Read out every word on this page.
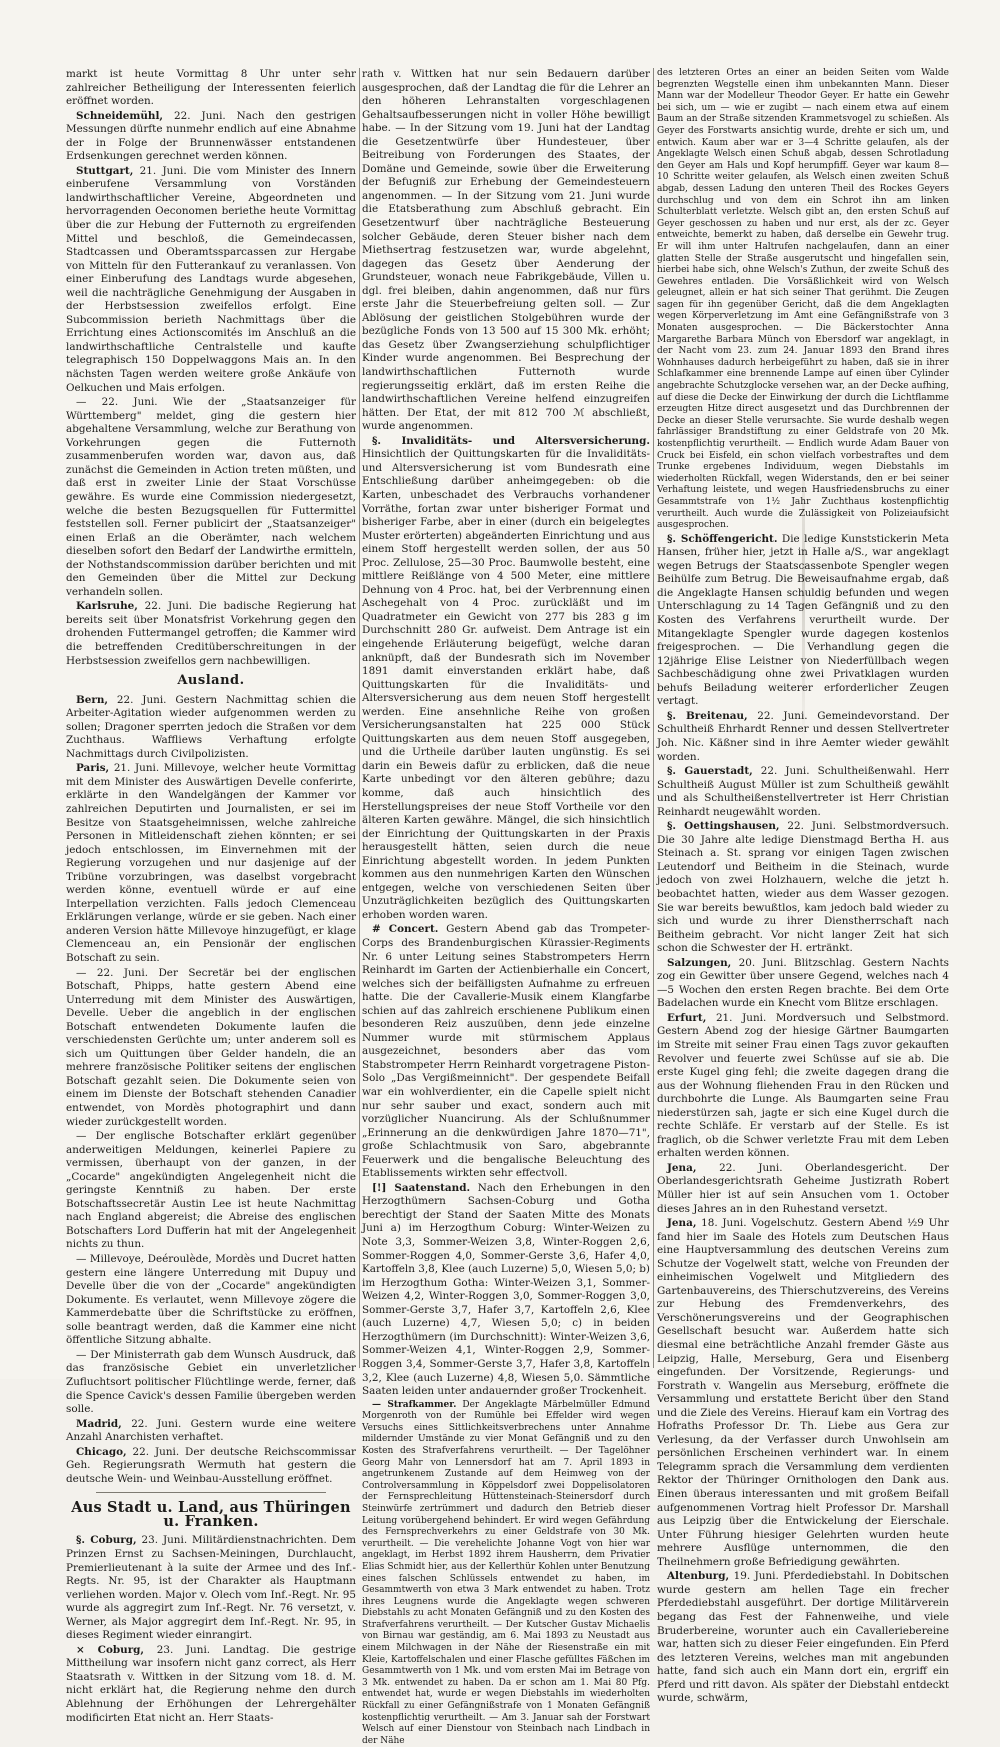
markt ist heute Vormittag 8 Uhr unter sehr zahlreicher Betheiligung der Interessenten feierlich eröffnet worden.

Schneidemühl, 22. Juni. Nach den gestrigen Messungen dürfte nunmehr endlich auf eine Abnahme der in Folge der Brunnenwässer entstandenen Erdsenkungen gerechnet werden können.

Stuttgart, 21. Juni. Die vom Minister des Innern einberufene Versammlung von Vorständen landwirthschaftlicher Vereine, Abgeordneten und hervorragenden Oeconomen beriethe heute Vormittag über die zur Hebung der Futternoth zu ergreifenden Mittel und beschloß, die Gemeindecassen, Stadtcassen und Oberamtssparcassen zur Hergabe von Mitteln für den Futterankauf zu veranlassen. Von einer Einberufung des Landtags wurde abgesehen, weil die nachträgliche Genehmigung der Ausgaben in der Herbstsession zweifellos erfolgt. Eine Subcommission berieth Nachmittags über die Errichtung eines Actionscomités im Anschluß an die landwirthschaftliche Centralstelle und kaufte telegraphisch 150 Doppelwaggons Mais an. In den nächsten Tagen werden weitere große Ankäufe von Oelkuchen und Mais erfolgen.

— 22. Juni. Wie der „Staatsanzeiger für Württemberg" meldet, ging die gestern hier abgehaltene Versammlung, welche zur Berathung von Vorkehrungen gegen die Futternoth zusammenberufen worden war, davon aus, daß zunächst die Gemeinden in Action treten müßten, und daß erst in zweiter Linie der Staat Vorschüsse gewähre. Es wurde eine Commission niedergesetzt, welche die besten Bezugsquellen für Futtermittel feststellen soll. Ferner publicirt der „Staatsanzeiger" einen Erlaß an die Oberämter, nach welchem dieselben sofort den Bedarf der Landwirthe ermitteln, der Nothstandscommission darüber berichten und mit den Gemeinden über die Mittel zur Deckung verhandeln sollen.

Karlsruhe, 22. Juni. Die badische Regierung hat bereits seit über Monatsfrist Vorkehrung gegen den drohenden Futtermangel getroffen; die Kammer wird die betreffenden Creditüberschreitungen in der Herbstsession zweifellos gern nachbewilligen.

Ausland.

Bern, 22. Juni. Gestern Nachmittag schien die Arbeiter-Agitation wieder aufgenommen werden zu sollen; Dragoner sperrten jedoch die Straßen vor dem Zuchthaus. Waffliews Verhaftung erfolgte Nachmittags durch Civilpolizisten.

Paris, 21. Juni. Millevoye, welcher heute Vormittag mit dem Minister des Auswärtigen Develle conferirte, erklärte in den Wandelgängen der Kammer vor zahlreichen Deputirten und Journalisten, er sei im Besitze von Staatsgeheimnissen, welche zahlreiche Personen in Mitleidenschaft ziehen könnten; er sei jedoch entschlossen, im Einvernehmen mit der Regierung vorzugehen und nur dasjenige auf der Tribüne vorzubringen, was daselbst vorgebracht werden könne, eventuell würde er auf eine Interpellation verzichten. Falls jedoch Clemenceau Erklärungen verlange, würde er sie geben. Nach einer anderen Version hätte Millevoye hinzugefügt, er klage Clemenceau an, ein Pensionär der englischen Botschaft zu sein.

— 22. Juni. Der Secretär bei der englischen Botschaft, Phipps, hatte gestern Abend eine Unterredung mit dem Minister des Auswärtigen, Develle. Ueber die angeblich in der englischen Botschaft entwendeten Dokumente laufen die verschiedensten Gerüchte um; unter anderem soll es sich um Quittungen über Gelder handeln, die an mehrere französische Politiker seitens der englischen Botschaft gezahlt seien. Die Dokumente seien von einem im Dienste der Botschaft stehenden Canadier entwendet, von Mordès photographirt und dann wieder zurückgestellt worden.

— Der englische Botschafter erklärt gegenüber anderweitigen Meldungen, keinerlei Papiere zu vermissen, überhaupt von der ganzen, in der „Cocarde" angekündigten Angelegenheit nicht die geringste Kenntniß zu haben. Der erste Botschaftssecretär Austin Lee ist heute Nachmittag nach England abgereist; die Abreise des englischen Botschafters Lord Dufferin hat mit der Angelegenheit nichts zu thun.

— Millevoye, Deéroulède, Mordès und Ducret hatten gestern eine längere Unterredung mit Dupuy und Develle über die von der „Cocarde" angekündigten Dokumente. Es verlautet, wenn Millevoye zögere die Kammerdebatte über die Schriftstücke zu eröffnen, solle beantragt werden, daß die Kammer eine nicht öffentliche Sitzung abhalte.

— Der Ministerrath gab dem Wunsch Ausdruck, daß das französische Gebiet ein unverletzlicher Zufluchtsort politischer Flüchtlinge werde, ferner, daß die Spence Cavick's dessen Familie übergeben werden solle.

Madrid, 22. Juni. Gestern wurde eine weitere Anzahl Anarchisten verhaftet.

Chicago, 22. Juni. Der deutsche Reichscommissar Geh. Regierungsrath Wermuth hat gestern die deutsche Wein- und Weinbau-Ausstellung eröffnet.

Aus Stadt u. Land, aus Thüringen u. Franken.

§. Coburg, 23. Juni. Militärdienstnachrichten. Dem Prinzen Ernst zu Sachsen-Meiningen, Durchlaucht, Premierlieutenant à la suite der Armee und des Inf.-Regts. Nr. 95, ist der Charakter als Hauptmann verliehen worden. Major v. Olech vom Inf.-Regt. Nr. 95 wurde als aggregirt zum Inf.-Regt. Nr. 76 versetzt, v. Werner, als Major aggregirt dem Inf.-Regt. Nr. 95, in dieses Regiment wieder einrangirt.

× Coburg, 23. Juni. Landtag. Die gestrige Mittheilung war insofern nicht ganz correct, als Herr Staatsrath v. Wittken in der Sitzung vom 18. d. M. nicht erklärt hat, die Regierung nehme den durch Ablehnung der Erhöhungen der Lehrergehälter modificirten Etat nicht an. Herr Staats-

rath v. Wittken hat nur sein Bedauern darüber ausgesprochen, daß der Landtag die für die Lehrer an den höheren Lehranstalten vorgeschlagenen Gehaltsaufbesserungen nicht in voller Höhe bewilligt habe. — In der Sitzung vom 19. Juni hat der Landtag die Gesetzentwürfe über Hundesteuer, über Beitreibung von Forderungen des Staates, der Domäne und Gemeinde, sowie über die Erweiterung der Befugniß zur Erhebung der Gemeindesteuern angenommen. — In der Sitzung vom 21. Juni wurde die Etatsberathung zum Abschluß gebracht. Ein Gesetzentwurf über nachträgliche Besteuerung solcher Gebäude, deren Steuer bisher nach dem Miethsertrag festzusetzen war, wurde abgelehnt, dagegen das Gesetz über Aenderung der Grundsteuer, wonach neue Fabrikgebäude, Villen u. dgl. frei bleiben, dahin angenommen, daß nur fürs erste Jahr die Steuerbefreiung gelten soll. — Zur Ablösung der geistlichen Stolgebühren wurde der bezügliche Fonds von 13 500 auf 15 300 Mk. erhöht; das Gesetz über Zwangserziehung schulpflichtiger Kinder wurde angenommen. Bei Besprechung der landwirthschaftlichen Futternoth wurde regierungsseitig erklärt, daß im ersten Reihe die landwirthschaftlichen Vereine helfend einzugreifen hätten. Der Etat, der mit 812 700 ℳ abschließt, wurde angenommen.

§. Invaliditäts- und Altersversicherung. Hinsichtlich der Quittungskarten für die Invaliditäts- und Altersversicherung ist vom Bundesrath eine Entschließung darüber anheimgegeben: ob die Karten, unbeschadet des Verbrauchs vorhandener Vorräthe, fortan zwar unter bisheriger Format und bisheriger Farbe, aber in einer (durch ein beigelegtes Muster erörterten) abgeänderten Einrichtung und aus einem Stoff hergestellt werden sollen, der aus 50 Proc. Zellulose, 25—30 Proc. Baumwolle besteht, eine mittlere Reißlänge von 4 500 Meter, eine mittlere Dehnung von 4 Proc. hat, bei der Verbrennung einen Aschegehalt von 4 Proc. zurückläßt und im Quadratmeter ein Gewicht von 277 bis 283 g im Durchschnitt 280 Gr. aufweist. Dem Antrage ist ein eingehende Erläuterung beigefügt, welche daran anknüpft, daß der Bundesrath sich im November 1891 damit einverstanden erklärt habe, daß Quittungskarten für die Invaliditäts- und Altersversicherung aus dem neuen Stoff hergestellt werden. Eine ansehnliche Reihe von großen Versicherungsanstalten hat 225 000 Stück Quittungskarten aus dem neuen Stoff ausgegeben, und die Urtheile darüber lauten ungünstig. Es sei darin ein Beweis dafür zu erblicken, daß die neue Karte unbedingt vor den älteren gebühre; dazu komme, daß auch hinsichtlich des Herstellungspreises der neue Stoff Vortheile vor den älteren Karten gewähre. Mängel, die sich hinsichtlich der Einrichtung der Quittungskarten in der Praxis herausgestellt hätten, seien durch die neue Einrichtung abgestellt worden. In jedem Punkten kommen aus den nunmehrigen Karten den Wünschen entgegen, welche von verschiedenen Seiten über Unzuträglichkeiten bezüglich des Quittungskarten erhoben worden waren.

# Concert. Gestern Abend gab das Trompeter-Corps des Brandenburgischen Kürassier-Regiments Nr. 6 unter Leitung seines Stabstrompeters Herrn Reinhardt im Garten der Actienbierhalle ein Concert, welches sich der beifälligsten Aufnahme zu erfreuen hatte. Die der Cavallerie-Musik einem Klangfarbe schien auf das zahlreich erschienene Publikum einen besonderen Reiz auszuüben, denn jede einzelne Nummer wurde mit stürmischem Applaus ausgezeichnet, besonders aber das vom Stabstrompeter Herrn Reinhardt vorgetragene Piston-Solo „Das Vergißmeinnicht". Der gespendete Beifall war ein wohlverdienter, ein die Capelle spielt nicht nur sehr sauber und exact, sondern auch mit vorzüglicher Nuancirung. Als der Schlußnummer „Erinnerung an die denkwürdigen Jahre 1870—71", große Schlachtmusik von Saro, abgebrannte Feuerwerk und die bengalische Beleuchtung des Etablissements wirkten sehr effectvoll.

[!] Saatenstand. Nach den Erhebungen in den Herzogthümern Sachsen-Coburg und Gotha berechtigt der Stand der Saaten Mitte des Monats Juni a) im Herzogthum Coburg: Winter-Weizen zu Note 3,3, Sommer-Weizen 3,8, Winter-Roggen 2,6, Sommer-Roggen 4,0, Sommer-Gerste 3,6, Hafer 4,0, Kartoffeln 3,8, Klee (auch Luzerne) 5,0, Wiesen 5,0; b) im Herzogthum Gotha: Winter-Weizen 3,1, Sommer-Weizen 4,2, Winter-Roggen 3,0, Sommer-Roggen 3,0, Sommer-Gerste 3,7, Hafer 3,7, Kartoffeln 2,6, Klee (auch Luzerne) 4,7, Wiesen 5,0; c) in beiden Herzogthümern (im Durchschnitt): Winter-Weizen 3,6, Sommer-Weizen 4,1, Winter-Roggen 2,9, Sommer-Roggen 3,4, Sommer-Gerste 3,7, Hafer 3,8, Kartoffeln 3,2, Klee (auch Luzerne) 4,8, Wiesen 5,0. Sämmtliche Saaten leiden unter andauernder großer Trockenheit.

— Strafkammer. Der Angeklagte Märbelmüller Edmund Morgenroth von der Rumühle bei Effelder wird wegen Versuchs eines Sittlichkeitsverbrechens unter Annahme mildernder Umstände zu vier Monat Gefängniß und zu den Kosten des Strafverfahrens verurtheilt. — Der Tagelöhner Georg Mahr von Lennersdorf hat am 7. April 1893 in angetrunkenem Zustande auf dem Heimweg von der Controlversammlung in Köppelsdorf zwei Doppelisolatoren der Fernsprechleitung Hüttensteinach-Steinersdorf durch Steinwürfe zertrümmert und dadurch den Betrieb dieser Leitung vorübergehend behindert. Er wird wegen Gefährdung des Fernsprechverkehrs zu einer Geldstrafe von 30 Mk. verurtheilt. — Die verehelichte Johanne Vogt von hier war angeklagt, im Herbst 1892 ihrem Hausherrn, dem Privatier Elias Schmidt hier, aus der Kellerthür Kohlen unter Benutzung eines falschen Schlüssels entwendet zu haben, im Gesammtwerth von etwa 3 Mark entwendet zu haben. Trotz ihres Leugnens wurde die Angeklagte wegen schweren Diebstahls zu acht Monaten Gefängniß und zu den Kosten des Strafverfahrens verurtheilt. — Der Kutscher Gustav Michaelis von Birnau war geständig, am 6. Mai 1893 zu Neustadt aus einem Milchwagen in der Nähe der Riesenstraße ein mit Kleie, Kartoffelschalen und einer Flasche gefülltes Fäßchen im Gesammtwerth von 1 Mk. und vom ersten Mai im Betrage von 3 Mk. entwendet zu haben. Da er schon am 1. Mai 80 Pfg. entwendet hat, wurde er wegen Diebstahls im wiederholten Rückfall zu einer Gefängnißstrafe von 1 Monaten Gefängniß kostenpflichtig verurtheilt. — Am 3. Januar sah der Forstwart Welsch auf einer Dienstour von Steinbach nach Lindbach in der Nähe

des letzteren Ortes an einer an beiden Seiten vom Walde begrenzten Wegstelle einen ihm unbekannten Mann. Dieser Mann war der Modelleur Theodor Geyer. Er hatte ein Gewehr bei sich, um — wie er zugibt — nach einem etwa auf einem Baum an der Straße sitzenden Krammetsvogel zu schießen. Als Geyer des Forstwarts ansichtig wurde, drehte er sich um, und entwich. Kaum aber war er 3—4 Schritte gelaufen, als der Angeklagte Welsch einen Schuß abgab, dessen Schrotladung den Geyer am Hals und Kopf herumpfiff. Geyer war kaum 8—10 Schritte weiter gelaufen, als Welsch einen zweiten Schuß abgab, dessen Ladung den unteren Theil des Rockes Geyers durchschlug und von dem ein Schrot ihn am linken Schulterblatt verletzte. Welsch gibt an, den ersten Schuß auf Geyer geschossen zu haben und nur erst, als der zc. Geyer entweichte, bemerkt zu haben, daß derselbe ein Gewehr trug. Er will ihm unter Haltrufen nachgelaufen, dann an einer glatten Stelle der Straße ausgerutscht und hingefallen sein, hierbei habe sich, ohne Welsch's Zuthun, der zweite Schuß des Gewehres entladen. Die Vorsäßlichkeit wird von Welsch geleugnet, allein er hat sich seiner That gerühmt. Die Zeugen sagen für ihn gegenüber Gericht, daß die dem Angeklagten wegen Körperverletzung im Amt eine Gefängnißstrafe von 3 Monaten ausgesprochen. — Die Bäckerstochter Anna Margarethe Barbara Münch von Ebersdorf war angeklagt, in der Nacht vom 23. zum 24. Januar 1893 den Brand ihres Wohnhauses dadurch herbeigeführt zu haben, daß sie in ihrer Schlafkammer eine brennende Lampe auf einen über Cylinder angebrachte Schutzglocke versehen war, an der Decke aufhing, auf diese die Decke der Einwirkung der durch die Lichtflamme erzeugten Hitze direct ausgesetzt und das Durchbrennen der Decke an dieser Stelle verursachte. Sie wurde deshalb wegen fahrlässiger Brandstiftung zu einer Geldstrafe von 20 Mk. kostenpflichtig verurtheilt. — Endlich wurde Adam Bauer von Cruck bei Eisfeld, ein schon vielfach vorbestraftes und dem Trunke ergebenes Individuum, wegen Diebstahls im wiederholten Rückfall, wegen Widerstands, den er bei seiner Verhaftung leistete, und wegen Hausfriedensbruchs zu einer Gesammtstrafe von 1½ Jahr Zuchthaus kostenpflichtig verurtheilt. Auch wurde die Zulässigkeit von Polizeiaufsicht ausgesprochen.

§. Schöffengericht. Die ledige Kunststickerin Meta Hansen, früher hier, jetzt in Halle a/S., war angeklagt wegen Betrugs der Staatscassenbote Spengler wegen Beihülfe zum Betrug. Die Beweisaufnahme ergab, daß die Angeklagte Hansen schuldig befunden und wegen Unterschlagung zu 14 Tagen Gefängniß und zu den Kosten des Verfahrens verurtheilt wurde. Der Mitangeklagte Spengler wurde dagegen kostenlos freigesprochen. — Die Verhandlung gegen die 12jährige Elise Leistner von Niederfüllbach wegen Sachbeschädigung ohne zwei Privatklagen wurden behufs Beiladung weiterer erforderlicher Zeugen vertagt.

§. Breitenau, 22. Juni. Gemeindevorstand. Der Schultheiß Ehrhardt Renner und dessen Stellvertreter Joh. Nic. Käßner sind in ihre Aemter wieder gewählt worden.

§. Gauerstadt, 22. Juni. Schultheißenwahl. Herr Schultheiß August Müller ist zum Schultheiß gewählt und als Schultheißenstellvertreter ist Herr Christian Reinhardt neugewählt worden.

§. Oettingshausen, 22. Juni. Selbstmordversuch. Die 30 Jahre alte ledige Dienstmagd Bertha H. aus Steinach a. St. sprang vor einigen Tagen zwischen Leutendorf und Beitheim in die Steinach, wurde jedoch von zwei Holzhauern, welche die jetzt h. beobachtet hatten, wieder aus dem Wasser gezogen. Sie war bereits bewußtlos, kam jedoch bald wieder zu sich und wurde zu ihrer Dienstherrschaft nach Beitheim gebracht. Vor nicht langer Zeit hat sich schon die Schwester der H. ertränkt.

Salzungen, 20. Juni. Blitzschlag. Gestern Nachts zog ein Gewitter über unsere Gegend, welches nach 4—5 Wochen den ersten Regen brachte. Bei dem Orte Badelachen wurde ein Knecht vom Blitze erschlagen.

Erfurt, 21. Juni. Mordversuch und Selbstmord. Gestern Abend zog der hiesige Gärtner Baumgarten im Streite mit seiner Frau einen Tags zuvor gekauften Revolver und feuerte zwei Schüsse auf sie ab. Die erste Kugel ging fehl; die zweite dagegen drang die aus der Wohnung fliehenden Frau in den Rücken und durchbohrte die Lunge. Als Baumgarten seine Frau niederstürzen sah, jagte er sich eine Kugel durch die rechte Schläfe. Er verstarb auf der Stelle. Es ist fraglich, ob die Schwer verletzte Frau mit dem Leben erhalten werden können.

Jena, 22. Juni. Oberlandesgericht. Der Oberlandesgerichtsrath Geheime Justizrath Robert Müller hier ist auf sein Ansuchen vom 1. October dieses Jahres an in den Ruhestand versetzt.

Jena, 18. Juni. Vogelschutz. Gestern Abend ½9 Uhr fand hier im Saale des Hotels zum Deutschen Haus eine Hauptversammlung des deutschen Vereins zum Schutze der Vogelwelt statt, welche von Freunden der einheimischen Vogelwelt und Mitgliedern des Gartenbauvereins, des Thierschutzvereins, des Vereins zur Hebung des Fremdenverkehrs, des Verschönerungsvereins und der Geographischen Gesellschaft besucht war. Außerdem hatte sich diesmal eine beträchtliche Anzahl fremder Gäste aus Leipzig, Halle, Merseburg, Gera und Eisenberg eingefunden. Der Vorsitzende, Regierungs- und Forstrath v. Wangelin aus Merseburg, eröffnete die Versammlung und erstattete Bericht über den Stand und die Ziele des Vereins. Hierauf kam ein Vortrag des Hofraths Professor Dr. Th. Liebe aus Gera zur Verlesung, da der Verfasser durch Unwohlsein am persönlichen Erscheinen verhindert war. In einem Telegramm sprach die Versammlung dem verdienten Rektor der Thüringer Ornithologen den Dank aus. Einen überaus interessanten und mit großem Beifall aufgenommenen Vortrag hielt Professor Dr. Marshall aus Leipzig über die Entwickelung der Eierschale. Unter Führung hiesiger Gelehrten wurden heute mehrere Ausflüge unternommen, die den Theilnehmern große Befriedigung gewährten.

Altenburg, 19. Juni. Pferdediebstahl. In Dobitschen wurde gestern am hellen Tage ein frecher Pferdediebstahl ausgeführt. Der dortige Militärverein begang das Fest der Fahnenweihe, und viele Bruderbereine, worunter auch ein Cavalleriebereine war, hatten sich zu dieser Feier eingefunden. Ein Pferd des letzteren Vereins, welches man mit angebunden hatte, fand sich auch ein Mann dort ein, ergriff ein Pferd und ritt davon. Als später der Diebstahl entdeckt wurde, schwärm,
